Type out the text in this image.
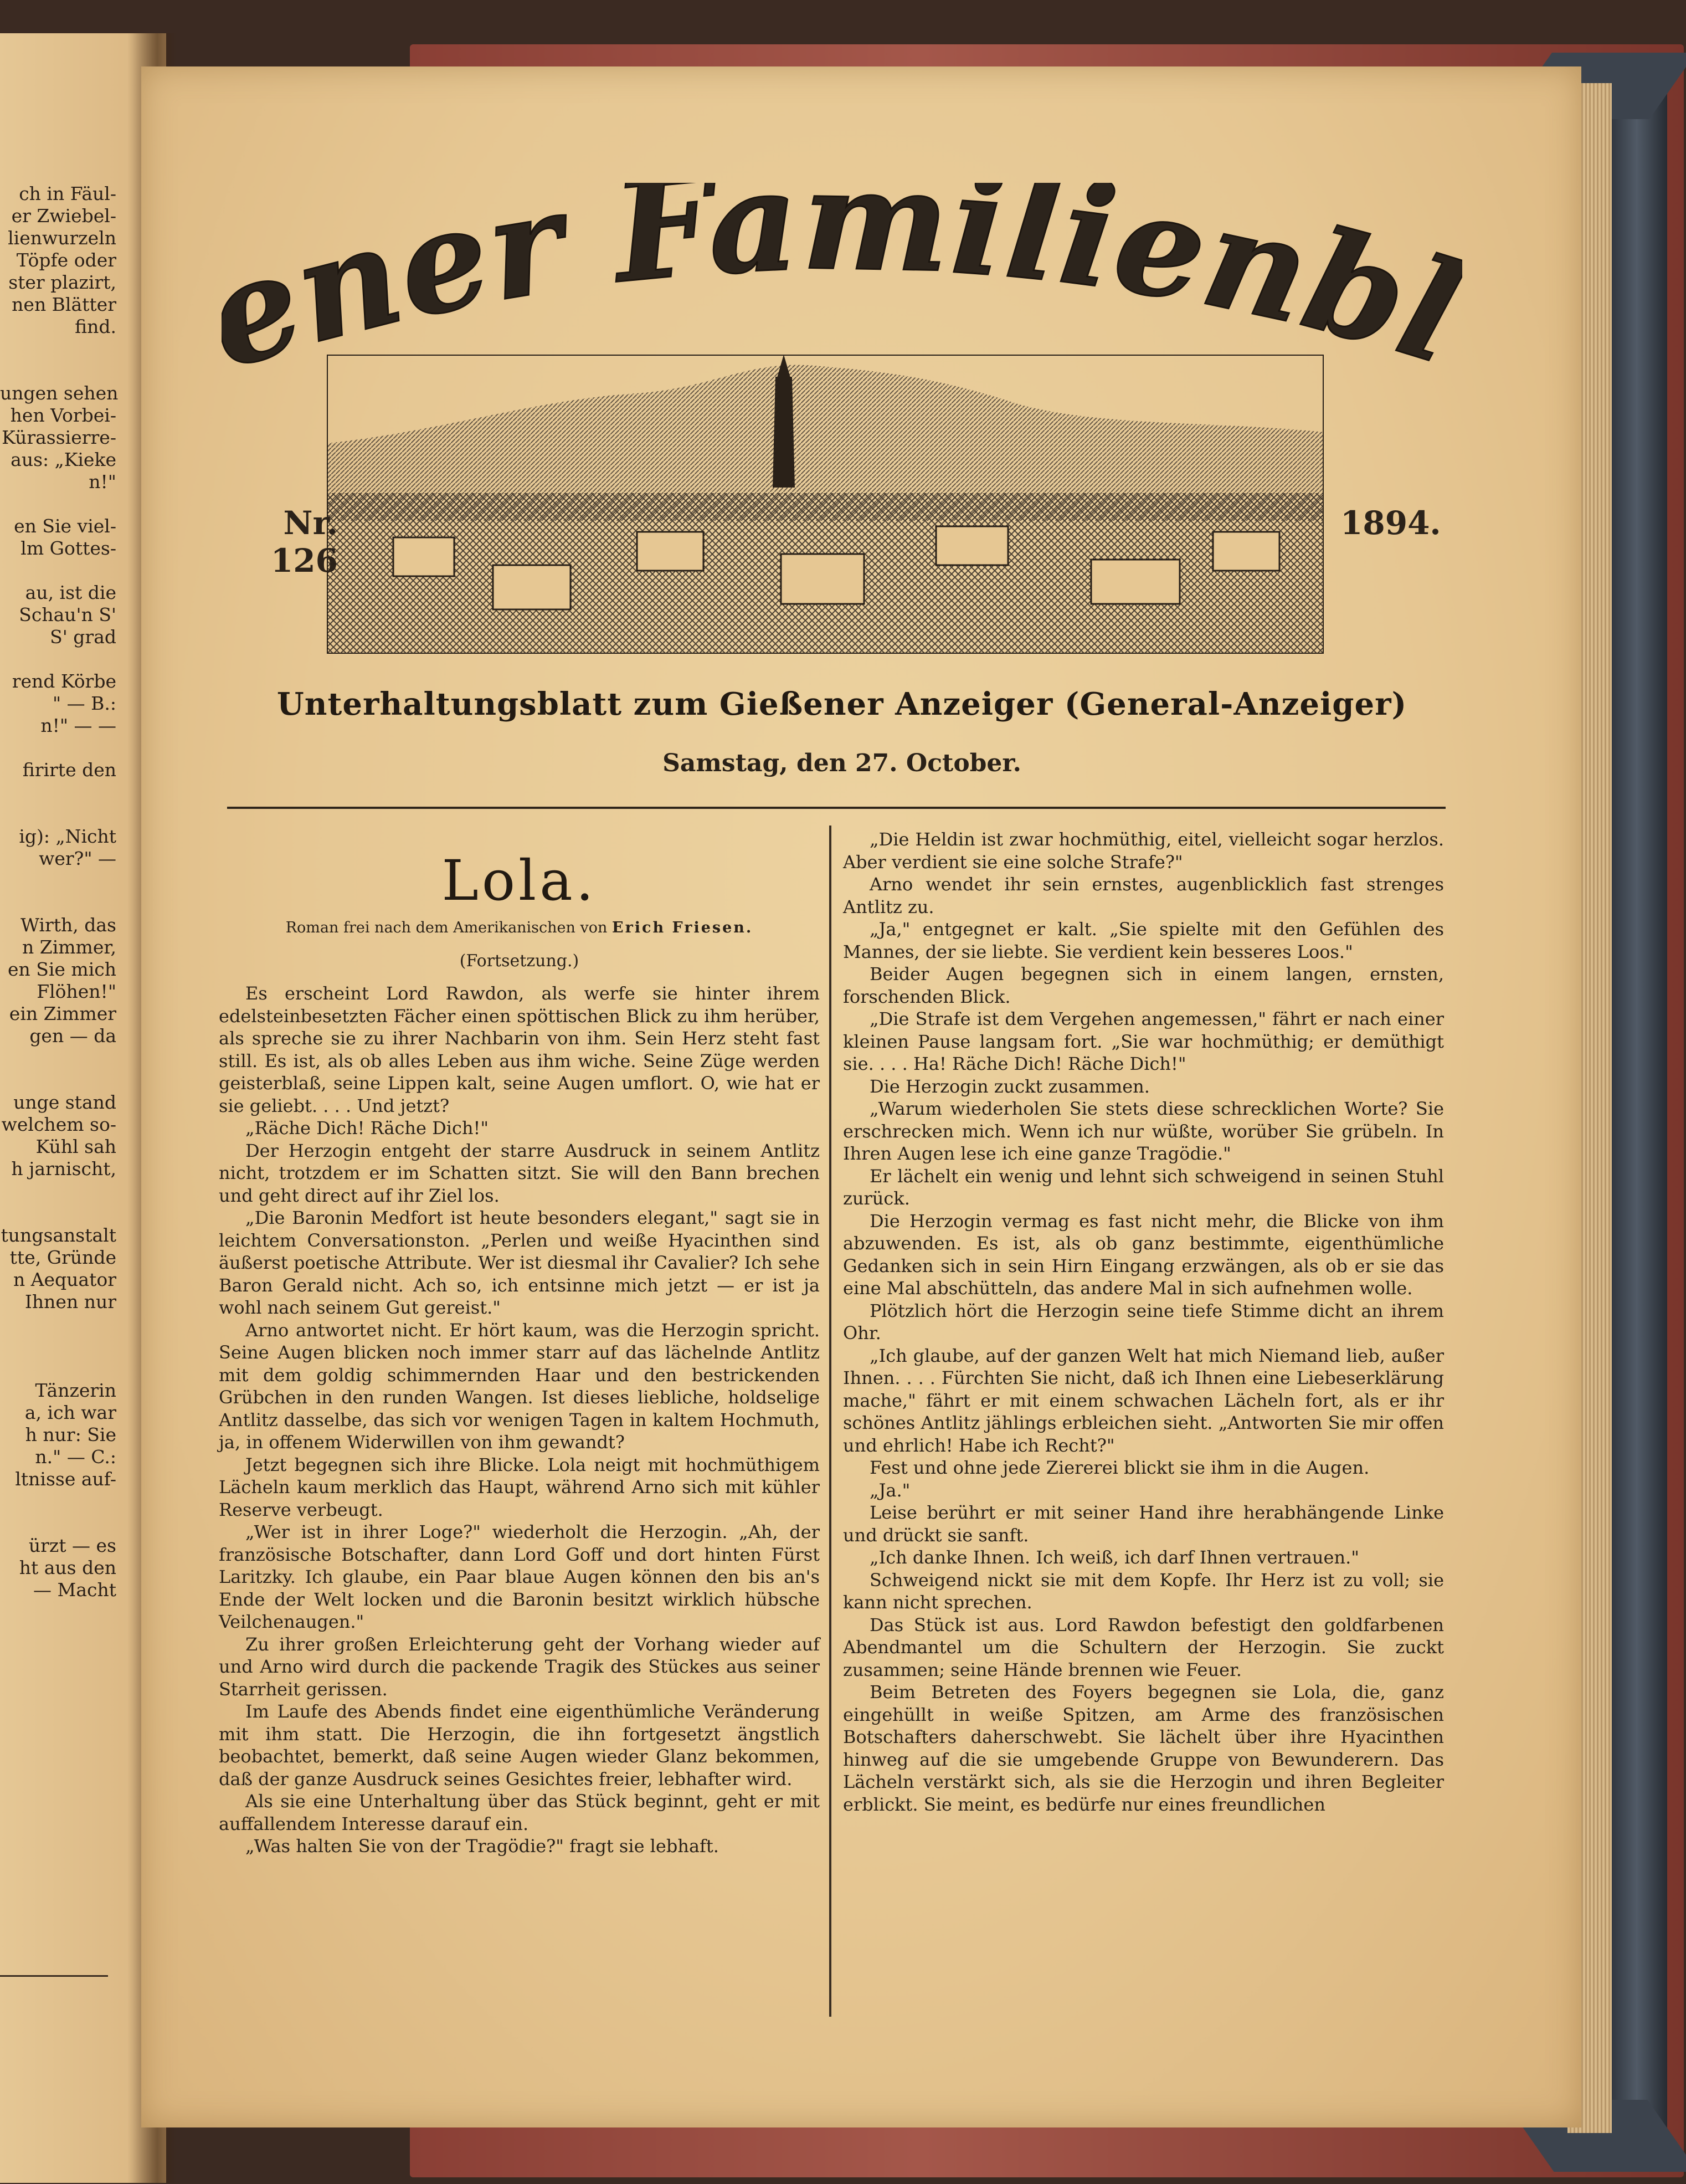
ch in Fäul-
er Zwiebel-
lienwurzeln
Töpfe oder
ster plazirt,
nen Blätter
find.
ungen sehen
hen Vorbei-
Kürassierre-
aus: „Kieke
n!"
en Sie viel-
lm Gottes-
au, ist die
Schau'n S'
S' grad
rend Körbe
" — B.:
n!" — —
firirte den
ig): „Nicht
wer?" —
Wirth, das
n Zimmer,
en Sie mich
Flöhen!"
ein Zimmer
gen — da
unge stand
welchem so-
Kühl sah
h jarnischt,
tungsanstalt
tte, Gründe
n Aequator
Ihnen nur
Tänzerin
a, ich war
h nur: Sie
n." — C.:
ltnisse auf-
ürzt — es
ht aus den
— Macht
ner Familienb
Nr. 126
1894.
Unterhaltungsblatt zum Gießener Anzeiger (General-Anzeiger)
Samstag, den 27. October.
Lola.
Roman frei nach dem Amerikanischen von Erich Friesen.
(Fortsetzung.)

Es erscheint Lord Rawdon, als werfe sie hinter ihrem edelsteinbesetzten Fächer einen spöttischen Blick zu ihm herüber, als spreche sie zu ihrer Nachbarin von ihm. Sein Herz steht fast still. Es ist, als ob alles Leben aus ihm wiche. Seine Züge werden geisterblaß, seine Lippen kalt, seine Augen umflort. O, wie hat er sie geliebt. . . . Und jetzt?

„Räche Dich! Räche Dich!"

Der Herzogin entgeht der starre Ausdruck in seinem Antlitz nicht, trotzdem er im Schatten sitzt. Sie will den Bann brechen und geht direct auf ihr Ziel los.

„Die Baronin Medfort ist heute besonders elegant," sagt sie in leichtem Conversationston. „Perlen und weiße Hyacinthen sind äußerst poetische Attribute. Wer ist diesmal ihr Cavalier? Ich sehe Baron Gerald nicht. Ach so, ich entsinne mich jetzt — er ist ja wohl nach seinem Gut gereist."

Arno antwortet nicht. Er hört kaum, was die Herzogin spricht. Seine Augen blicken noch immer starr auf das lächelnde Antlitz mit dem goldig schimmernden Haar und den bestrickenden Grübchen in den runden Wangen. Ist dieses liebliche, holdselige Antlitz dasselbe, das sich vor wenigen Tagen in kaltem Hochmuth, ja, in offenem Widerwillen von ihm gewandt?

Jetzt begegnen sich ihre Blicke. Lola neigt mit hochmüthigem Lächeln kaum merklich das Haupt, während Arno sich mit kühler Reserve verbeugt.

„Wer ist in ihrer Loge?" wiederholt die Herzogin. „Ah, der französische Botschafter, dann Lord Goff und dort hinten Fürst Laritzky. Ich glaube, ein Paar blaue Augen können den bis an's Ende der Welt locken und die Baronin besitzt wirklich hübsche Veilchenaugen."

Zu ihrer großen Erleichterung geht der Vorhang wieder auf und Arno wird durch die packende Tragik des Stückes aus seiner Starrheit gerissen.

Im Laufe des Abends findet eine eigenthümliche Veränderung mit ihm statt. Die Herzogin, die ihn fortgesetzt ängstlich beobachtet, bemerkt, daß seine Augen wieder Glanz bekommen, daß der ganze Ausdruck seines Gesichtes freier, lebhafter wird.

Als sie eine Unterhaltung über das Stück beginnt, geht er mit auffallendem Interesse darauf ein.

„Was halten Sie von der Tragödie?" fragt sie lebhaft.

„Die Heldin ist zwar hochmüthig, eitel, vielleicht sogar herzlos. Aber verdient sie eine solche Strafe?"

Arno wendet ihr sein ernstes, augenblicklich fast strenges Antlitz zu.

„Ja," entgegnet er kalt. „Sie spielte mit den Gefühlen des Mannes, der sie liebte. Sie verdient kein besseres Loos."

Beider Augen begegnen sich in einem langen, ernsten, forschenden Blick.

„Die Strafe ist dem Vergehen angemessen," fährt er nach einer kleinen Pause langsam fort. „Sie war hochmüthig; er demüthigt sie. . . . Ha! Räche Dich! Räche Dich!"

Die Herzogin zuckt zusammen.

„Warum wiederholen Sie stets diese schrecklichen Worte? Sie erschrecken mich. Wenn ich nur wüßte, worüber Sie grübeln. In Ihren Augen lese ich eine ganze Tragödie."

Er lächelt ein wenig und lehnt sich schweigend in seinen Stuhl zurück.

Die Herzogin vermag es fast nicht mehr, die Blicke von ihm abzuwenden. Es ist, als ob ganz bestimmte, eigenthümliche Gedanken sich in sein Hirn Eingang erzwängen, als ob er sie das eine Mal abschütteln, das andere Mal in sich aufnehmen wolle.

Plötzlich hört die Herzogin seine tiefe Stimme dicht an ihrem Ohr.

„Ich glaube, auf der ganzen Welt hat mich Niemand lieb, außer Ihnen. . . . Fürchten Sie nicht, daß ich Ihnen eine Liebeserklärung mache," fährt er mit einem schwachen Lächeln fort, als er ihr schönes Antlitz jählings erbleichen sieht. „Antworten Sie mir offen und ehrlich! Habe ich Recht?"

Fest und ohne jede Ziererei blickt sie ihm in die Augen.

„Ja."

Leise berührt er mit seiner Hand ihre herabhängende Linke und drückt sie sanft.

„Ich danke Ihnen. Ich weiß, ich darf Ihnen vertrauen."

Schweigend nickt sie mit dem Kopfe. Ihr Herz ist zu voll; sie kann nicht sprechen.

Das Stück ist aus. Lord Rawdon befestigt den goldfarbenen Abendmantel um die Schultern der Herzogin. Sie zuckt zusammen; seine Hände brennen wie Feuer.

Beim Betreten des Foyers begegnen sie Lola, die, ganz eingehüllt in weiße Spitzen, am Arme des französischen Botschafters daherschwebt. Sie lächelt über ihre Hyacinthen hinweg auf die sie umgebende Gruppe von Bewunderern. Das Lächeln verstärkt sich, als sie die Herzogin und ihren Begleiter erblickt. Sie meint, es bedürfe nur eines freundlichen
